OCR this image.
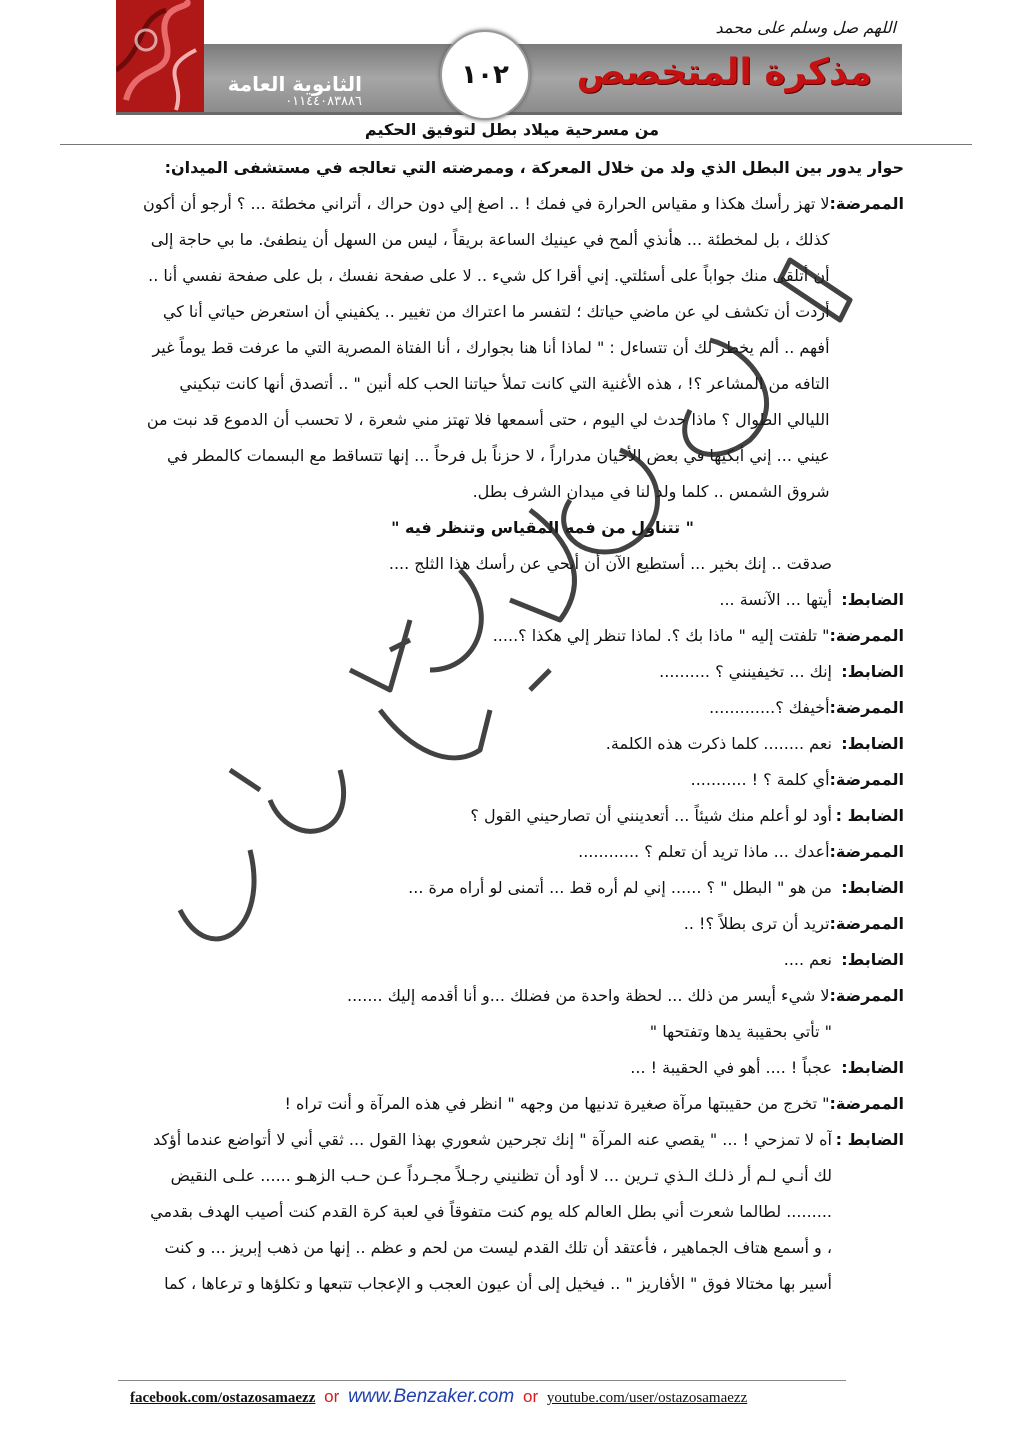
اللهم صل وسلم على محمد
مذكرة المتخصص
الثانوية العامة
٠١١٤٤٠٨٣٨٨٦
١٠٢
من مسرحية ميلاد بطل لتوفيق الحكيم
حوار يدور بين البطل الذي ولد من خلال المعركة ، وممرضته التي تعالجه في مستشفى الميدان:
الممرضة:
لا تهز رأسك هكذا و مقياس الحرارة في فمك ! .. اصغ إلي دون حراك ، أتراني مخطئة ... ؟ أرجو أن أكون
كذلك ، بل لمخطئة ... هأنذي ألمح في عينيك الساعة بريقاً ، ليس من السهل أن ينطفئ. ما بي حاجة إلى
أن أتلقى منك جواباً على أسئلتي. إني أقرا كل شيء .. لا على صفحة نفسك ، بل على صفحة نفسي أنا ..
أردت أن تكشف لي عن ماضي حياتك ؛ لتفسر ما اعتراك من تغيير .. يكفيني أن استعرض حياتي أنا كي
أفهم .. ألم يخطر لك أن تتساءل : " لماذا أنا هنا بجوارك ، أنا الفتاة المصرية التي ما عرفت قط يوماً غير
التافه من المشاعر ؟! ، هذه الأغنية التي كانت تملأ حياتنا الحب كله أنين " .. أتصدق أنها كانت تبكيني
الليالي الطوال ؟ ماذا حدث لي اليوم ، حتى أسمعها فلا تهتز مني شعرة ، لا تحسب أن الدموع قد نبت من
عيني ... إني أبكيها في بعض الأحيان مدراراً ، لا حزناً بل فرحاً ... إنها تتساقط مع البسمات كالمطر في
شروق الشمس .. كلما ولد لنا في ميدان الشرف بطل.
" تتناول من فمه المقياس وتنظر فيه "
صدقت .. إنك بخير ... أستطيع الآن أن أنحي عن رأسك هذا الثلج ....
الضابط:
أيتها ... الآنسة ...
الممرضة:
" تلفتت إليه " ماذا بك ؟. لماذا تنظر إلي هكذا ؟.....
الضابط:
إنك ... تخيفينني ؟ ..........
الممرضة:
أخيفك ؟.............
الضابط:
نعم ........ كلما ذكرت هذه الكلمة.
الممرضة:
أي كلمة ؟ ! ...........
الضابط :
أود لو أعلم منك شيئاً ... أتعدينني أن تصارحيني القول ؟
الممرضة:
أعدك ... ماذا تريد أن تعلم ؟ ............
الضابط:
من هو " البطل " ؟ ...... إني لم أره قط ... أتمنى لو أراه مرة ...
الممرضة:
تريد أن ترى بطلاً ؟! ..
الضابط:
نعم ....
الممرضة:
لا شيء أيسر من ذلك ... لحظة واحدة من فضلك ...و أنا أقدمه إليك .......
" تأتي بحقيبة يدها وتفتحها "
الضابط:
عجباً ! .... أهو في الحقيبة ! ...
الممرضة:
" تخرج من حقيبتها مرآة صغيرة تدنيها من وجهه " انظر في هذه المرآة و أنت تراه !
الضابط :
آه لا تمزحي ! ... " يقصي عنه المرآة " إنك تجرحين شعوري بهذا القول ... ثقي أني لا أتواضع عندما أؤكد
لك أنـي لـم أر ذلـك الـذي تـرين ... لا أود أن تظنيني رجـلاً مجـرداً عـن حـب الزهـو ...... علـى النقيض
......... لطالما شعرت أني بطل العالم كله يوم كنت متفوقاً في لعبة كرة القدم كنت أصيب الهدف بقدمي
، و أسمع هتاف الجماهير ، فأعتقد أن تلك القدم ليست من لحم و عظم .. إنها من ذهب إبريز ... و كنت
أسير بها مختالا فوق " الأفاريز " .. فيخيل إلى أن عيون العجب و الإعجاب تتبعها و تكلؤها و ترعاها ، كما
facebook.com/ostazosamaezz or www.Benzaker.com or youtube.com/user/ostazosamaezz
